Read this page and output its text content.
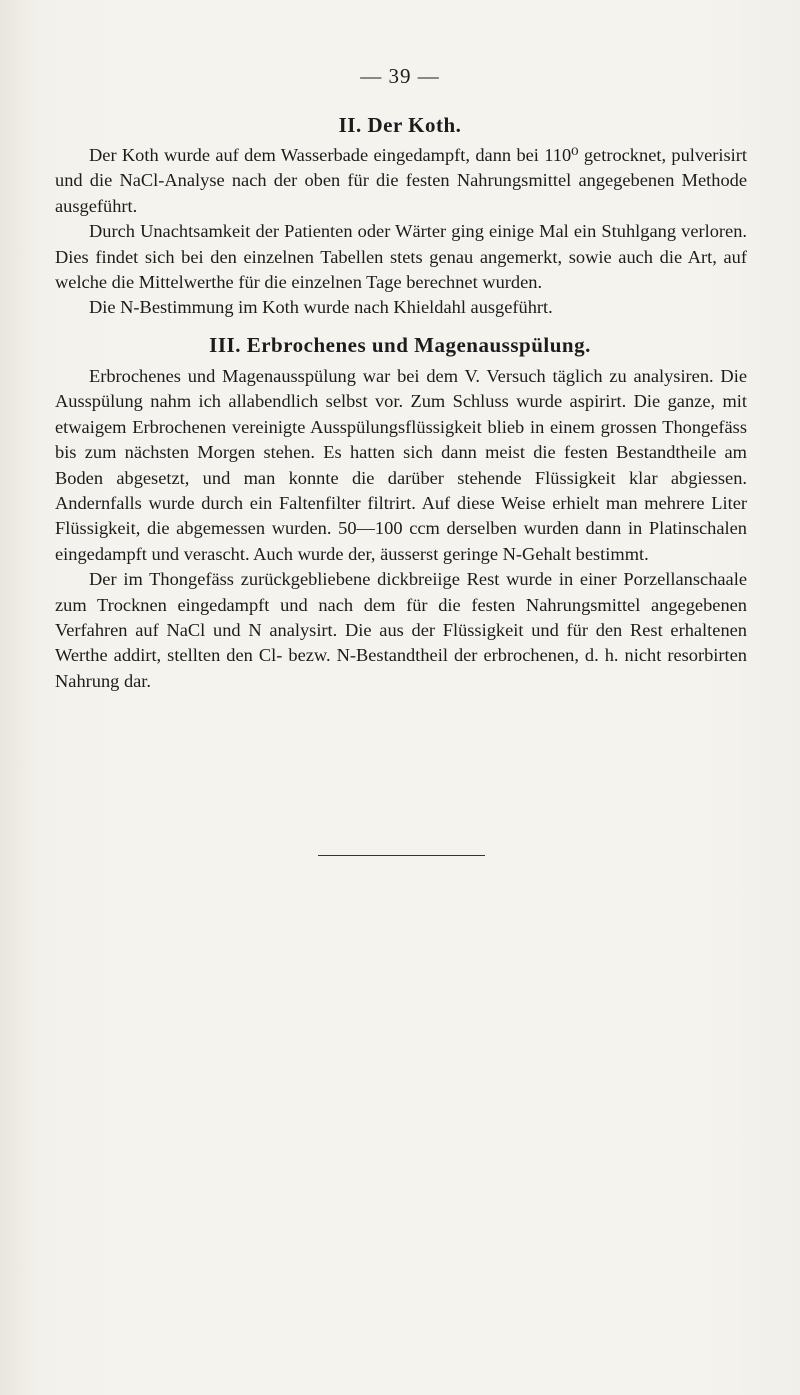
— 39 —
II. Der Koth.

Der Koth wurde auf dem Wasserbade eingedampft, dann bei 110⁰ getrocknet, pulverisirt und die NaCl-Analyse nach der oben für die festen Nahrungsmittel angegebenen Methode ausgeführt.

Durch Unachtsamkeit der Patienten oder Wärter ging einige Mal ein Stuhlgang verloren. Dies findet sich bei den einzelnen Tabellen stets genau angemerkt, sowie auch die Art, auf welche die Mittelwerthe für die einzelnen Tage berechnet wurden.

Die N-Bestimmung im Koth wurde nach Khieldahl ausgeführt.

III. Erbrochenes und Magenausspülung.

Erbrochenes und Magenausspülung war bei dem V. Versuch täglich zu analysiren. Die Ausspülung nahm ich allabendlich selbst vor. Zum Schluss wurde aspirirt. Die ganze, mit etwaigem Erbrochenen vereinigte Ausspülungsflüssigkeit blieb in einem grossen Thongefäss bis zum nächsten Morgen stehen. Es hatten sich dann meist die festen Bestandtheile am Boden abgesetzt, und man konnte die darüber stehende Flüssigkeit klar abgiessen. Andernfalls wurde durch ein Faltenfilter filtrirt. Auf diese Weise erhielt man mehrere Liter Flüssigkeit, die abgemessen wurden. 50—100 ccm derselben wurden dann in Platinschalen eingedampft und verascht. Auch wurde der, äusserst geringe N-Gehalt bestimmt.

Der im Thongefäss zurückgebliebene dickbreiige Rest wurde in einer Porzellanschaale zum Trocknen eingedampft und nach dem für die festen Nahrungsmittel angegebenen Verfahren auf NaCl und N analysirt. Die aus der Flüssigkeit und für den Rest erhaltenen Werthe addirt, stellten den Cl- bezw. N-Bestandtheil der erbrochenen, d. h. nicht resorbirten Nahrung dar.
